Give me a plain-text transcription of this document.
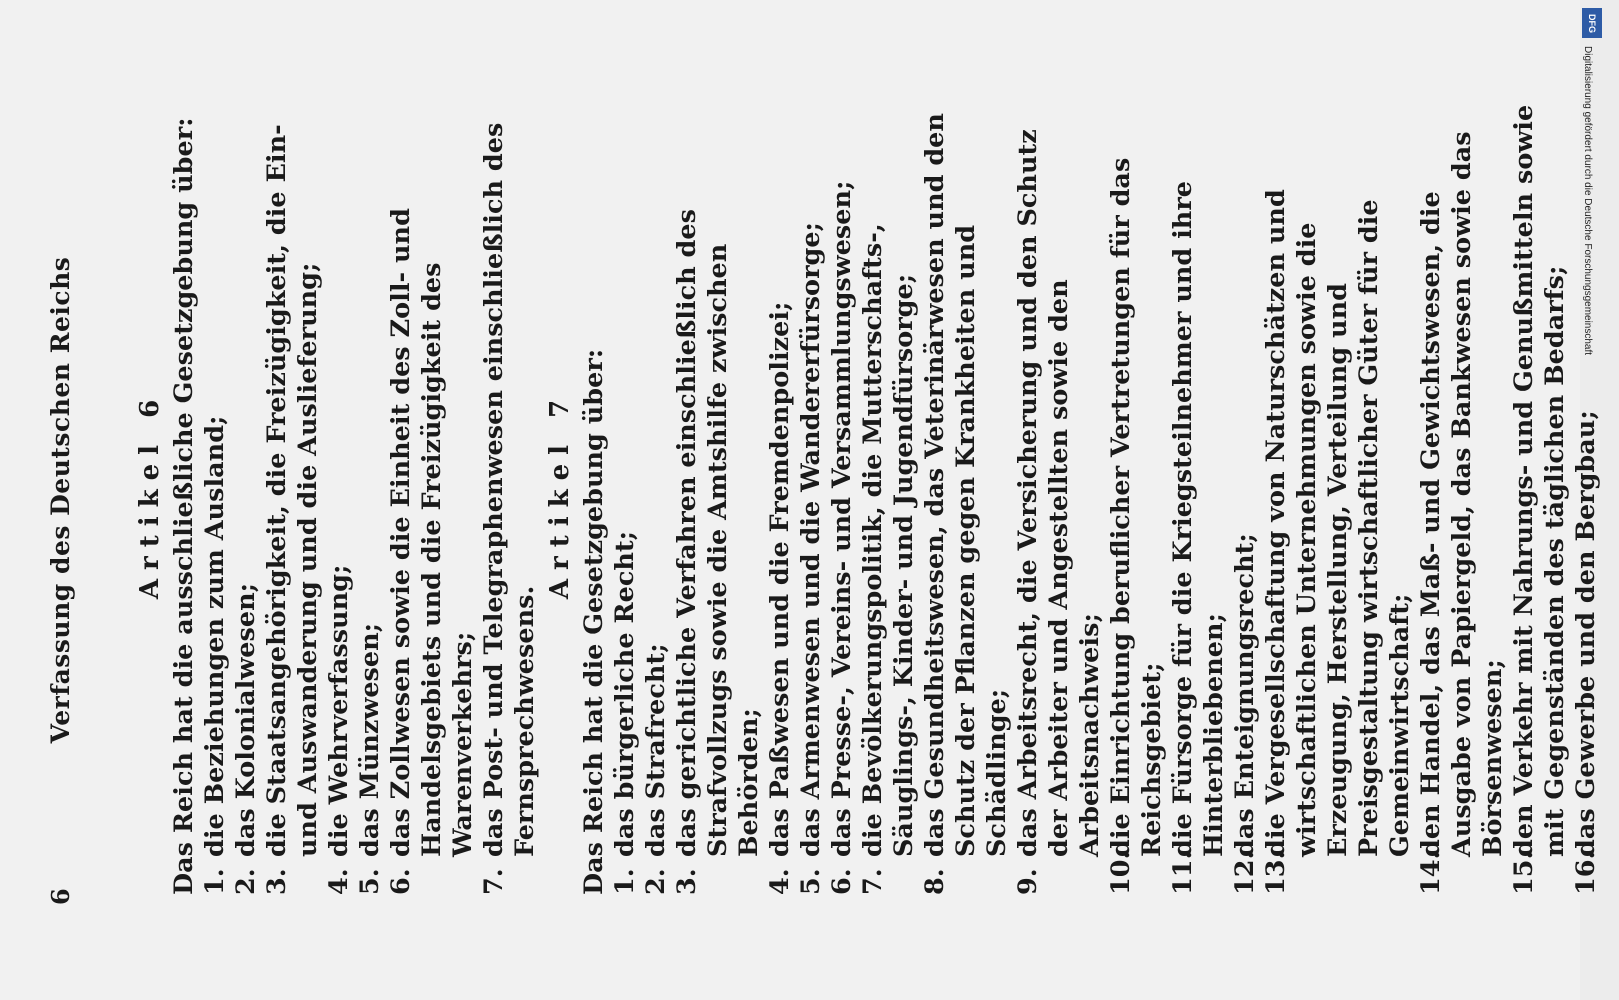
6
Verfassung des Deutschen Reichs Artikel 6 Das Reich hat die ausschließliche Gesetzgebung über: 1.
die Beziehungen zum Ausland;
2.
das Kolonialwesen;
3.
die Staatsangehörigkeit, die Freizügigkeit, die Ein- und Auswanderung und die Auslieferung;
4.
die Wehrverfassung;
5.
das Münzwesen;
6.
das Zollwesen sowie die Einheit des Zoll- und Handelsgebiets und die Freizügigkeit des Warenverkehrs;
7.
das Post- und Telegraphenwesen einschließlich des Fernsprechwesens.
Artikel 7 Das Reich hat die Gesetzgebung über: 1.
das bürgerliche Recht;
2.
das Strafrecht;
3.
das gerichtliche Verfahren einschließlich des Strafvollzugs sowie die Amtshilfe zwischen Behörden;
4.
das Paßwesen und die Fremdenpolizei;
5.
das Armenwesen und die Wandererfürsorge;
6.
das Presse-, Vereins- und Versammlungswesen;
7.
die Bevölkerungspolitik, die Mutterschafts-, Säuglings-, Kinder- und Jugendfürsorge;
8.
das Gesundheitswesen, das Veterinärwesen und den Schutz der Pflanzen gegen Krankheiten und Schädlinge;
9.
das Arbeitsrecht, die Versicherung und den Schutz der Arbeiter und Angestellten sowie den Arbeitsnachweis;
10.
die Einrichtung beruflicher Vertretungen für das Reichsgebiet;
11.
die Fürsorge für die Kriegsteilnehmer und ihre Hinterbliebenen;
12.
das Enteignungsrecht;
13.
die Vergesellschaftung von Naturschätzen und wirtschaftlichen Unternehmungen sowie die Erzeugung, Herstellung, Verteilung und Preisgestaltung wirtschaftlicher Güter für die Gemeinwirtschaft;
14.
den Handel, das Maß- und Gewichtswesen, die Ausgabe von Papiergeld, das Bankwesen sowie das Börsenwesen;
15.
den Verkehr mit Nahrungs- und Genußmitteln sowie mit Gegenständen des täglichen Bedarfs;
16.
das Gewerbe und den Bergbau;
DFG
Digitalisierung gefördert durch die Deutsche Forschungsgemeinschaft
